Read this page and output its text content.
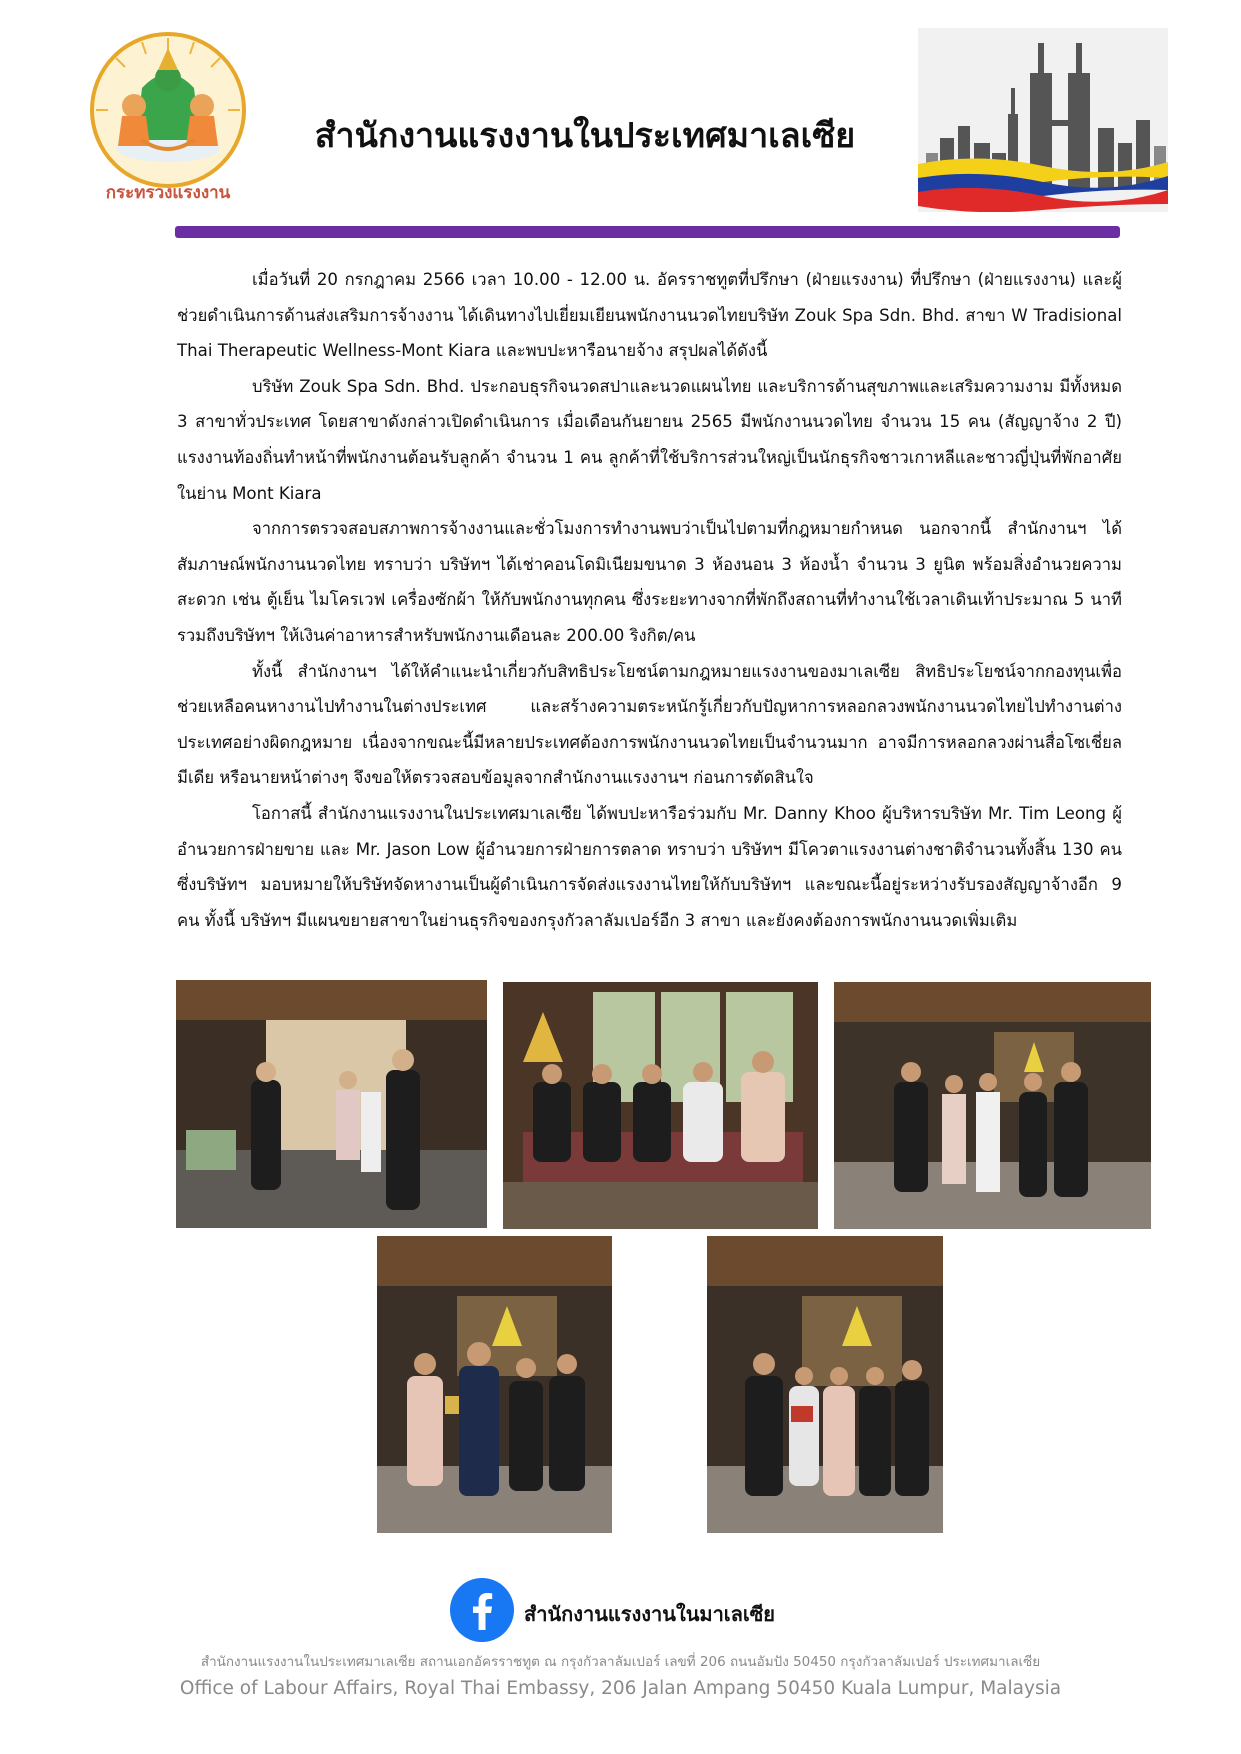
กระทรวงแรงงาน
สำนักงานแรงงานในประเทศมาเลเซีย

เมื่อวันที่ 20 กรกฎาคม 2566 เวลา 10.00 - 12.00 น. อัครราชทูตที่ปรึกษา (ฝ่ายแรงงาน) ที่ปรึกษา (ฝ่ายแรงงาน) และผู้ช่วยดำเนินการด้านส่งเสริมการจ้างงาน ได้เดินทางไปเยี่ยมเยียนพนักงานนวดไทยบริษัท Zouk Spa Sdn. Bhd. สาขา W Tradisional Thai Therapeutic Wellness-Mont Kiara และพบปะหารือนายจ้าง สรุปผลได้ดังนี้

บริษัท Zouk Spa Sdn. Bhd. ประกอบธุรกิจนวดสปาและนวดแผนไทย และบริการด้านสุขภาพและเสริมความงาม มีทั้งหมด 3 สาขาทั่วประเทศ โดยสาขาดังกล่าวเปิดดำเนินการ เมื่อเดือนกันยายน 2565 มีพนักงานนวดไทย จำนวน 15 คน (สัญญาจ้าง 2 ปี) แรงงานท้องถิ่นทำหน้าที่พนักงานต้อนรับลูกค้า จำนวน 1 คน ลูกค้าที่ใช้บริการส่วนใหญ่เป็นนักธุรกิจชาวเกาหลีและชาวญี่ปุ่นที่พักอาศัยในย่าน Mont Kiara

จากการตรวจสอบสภาพการจ้างงานและชั่วโมงการทำงานพบว่าเป็นไปตามที่กฎหมายกำหนด นอกจากนี้ สำนักงานฯ ได้สัมภาษณ์พนักงานนวดไทย ทราบว่า บริษัทฯ ได้เช่าคอนโดมิเนียมขนาด 3 ห้องนอน 3 ห้องน้ำ จำนวน 3 ยูนิต พร้อมสิ่งอำนวยความสะดวก เช่น ตู้เย็น ไมโครเวฟ เครื่องซักผ้า ให้กับพนักงานทุกคน ซึ่งระยะทางจากที่พักถึงสถานที่ทำงานใช้เวลาเดินเท้าประมาณ 5 นาที รวมถึงบริษัทฯ ให้เงินค่าอาหารสำหรับพนักงานเดือนละ 200.00 ริงกิต/คน

ทั้งนี้ สำนักงานฯ ได้ให้คำแนะนำเกี่ยวกับสิทธิประโยชน์ตามกฎหมายแรงงานของมาเลเซีย สิทธิประโยชน์จากกองทุนเพื่อช่วยเหลือคนหางานไปทำงานในต่างประเทศ และสร้างความตระหนักรู้เกี่ยวกับปัญหาการหลอกลวงพนักงานนวดไทยไปทำงานต่างประเทศอย่างผิดกฎหมาย เนื่องจากขณะนี้มีหลายประเทศต้องการพนักงานนวดไทยเป็นจำนวนมาก อาจมีการหลอกลวงผ่านสื่อโซเชี่ยลมีเดีย หรือนายหน้าต่างๆ จึงขอให้ตรวจสอบข้อมูลจากสำนักงานแรงงานฯ ก่อนการตัดสินใจ

โอกาสนี้ สำนักงานแรงงานในประเทศมาเลเซีย ได้พบปะหารือร่วมกับ Mr. Danny Khoo ผู้บริหารบริษัท Mr. Tim Leong ผู้อำนวยการฝ่ายขาย และ Mr. Jason Low ผู้อำนวยการฝ่ายการตลาด ทราบว่า บริษัทฯ มีโควตาแรงงานต่างชาติจำนวนทั้งสิ้น 130 คน ซึ่งบริษัทฯ มอบหมายให้บริษัทจัดหางานเป็นผู้ดำเนินการจัดส่งแรงงานไทยให้กับบริษัทฯ และขณะนี้อยู่ระหว่างรับรองสัญญาจ้างอีก 9 คน ทั้งนี้ บริษัทฯ มีแผนขยายสาขาในย่านธุรกิจของกรุงกัวลาลัมเปอร์อีก 3 สาขา และยังคงต้องการพนักงานนวดเพิ่มเติม

สำนักงานแรงงานในมาเลเซีย
สำนักงานแรงงานในประเทศมาเลเซีย สถานเอกอัครราชทูต ณ กรุงกัวลาลัมเปอร์ เลขที่ 206 ถนนอัมปัง 50450 กรุงกัวลาลัมเปอร์ ประเทศมาเลเซีย
Office of Labour Affairs, Royal Thai Embassy, 206 Jalan Ampang 50450 Kuala Lumpur, Malaysia
